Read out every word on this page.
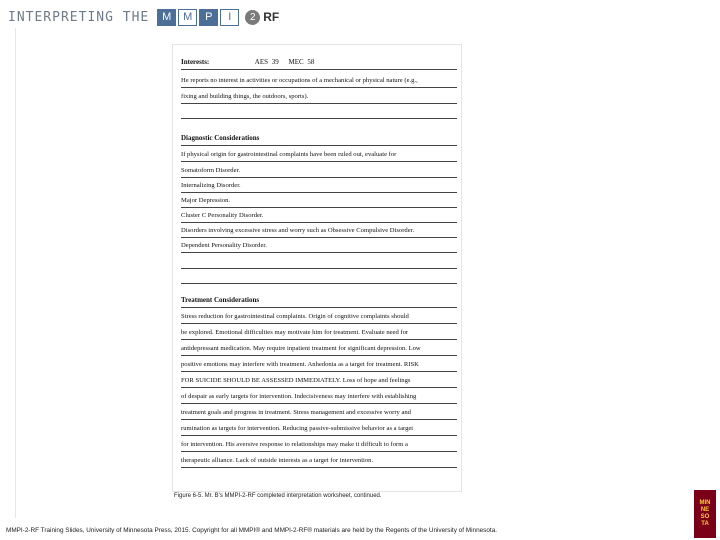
INTERPRETING THE	M	M	P	I	2 RF
Interests:	AES 39 MEC 58
He reports no interest in activities or occupations of a mechanical or physical nature (e.g.,
fixing and building things, the outdoors, sports).
Diagnostic Considerations
If physical origin for gastrointestinal complaints have been ruled out, evaluate for
Somatoform Disorder.
Internalizing Disorder.
Major Depression.
Cluster C Personality Disorder.
Disorders involving excessive stress and worry such as Obsessive Compulsive Disorder.
Dependent Personality Disorder.
Treatment Considerations
Stress reduction for gastrointestinal complaints. Origin of cognitive complaints should
be explored. Emotional difficulties may motivate him for treatment. Evaluate need for
antidepressant medication. May require inpatient treatment for significant depression. Low
positive emotions may interfere with treatment. Anhedonia as a target for treatment. RISK
FOR SUICIDE SHOULD BE ASSESSED IMMEDIATELY. Loss of hope and feelings
of despair as early targets for intervention. Indecisiveness may interfere with establishing
treatment goals and progress in treatment. Stress management and excessive worry and
rumination as targets for intervention. Reducing passive-submissive behavior as a target
for intervention. His aversive response to relationships may make it difficult to form a
therapeutic alliance. Lack of outside interests as a target for intervention.
Figure 6-5. Mr. B's MMPI-2-RF completed interpretation worksheet, continued.
MMPI-2-RF Training Slides, University of Minnesota Press, 2015. Copyright for all MMPI® and MMPI-2-RF® materials are held by the Regents of the University of Minnesota.
MIN
NE
SO
TA
